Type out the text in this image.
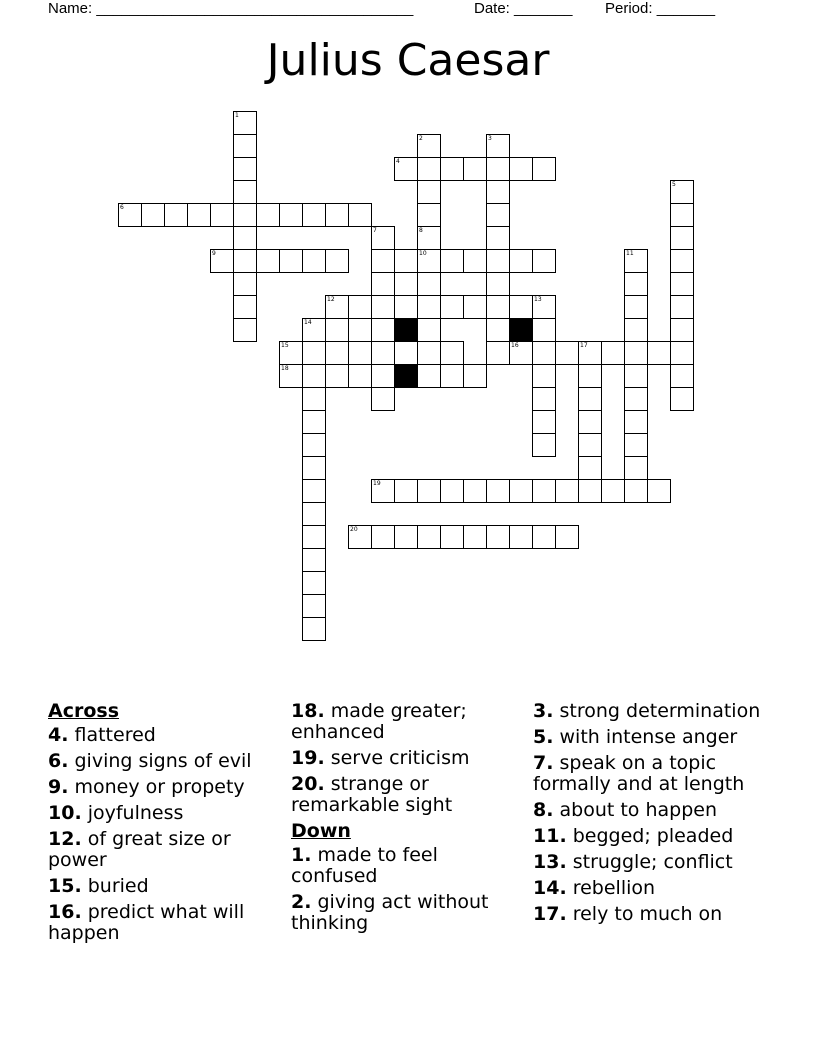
Name: ______________________________________	Date: _______ Period: _______
Julius Caesar
1
2	3
5
9
7
10
8
11
12	13
14
15	16	17
19
20
4
6
18
Across
4. flattered
6. giving signs of evil
9. money or propety
10. joyfulness
12. of great size or power
15. buried
16. predict what will happen
18. made greater; enhanced
19. serve criticism
20. strange or remarkable sight
Down
1. made to feel confused
2. giving act without thinking
3. strong determination
5. with intense anger
7. speak on a topic formally and at length
8. about to happen
11. begged; pleaded
13. struggle; conflict
14. rebellion
17. rely to much on
